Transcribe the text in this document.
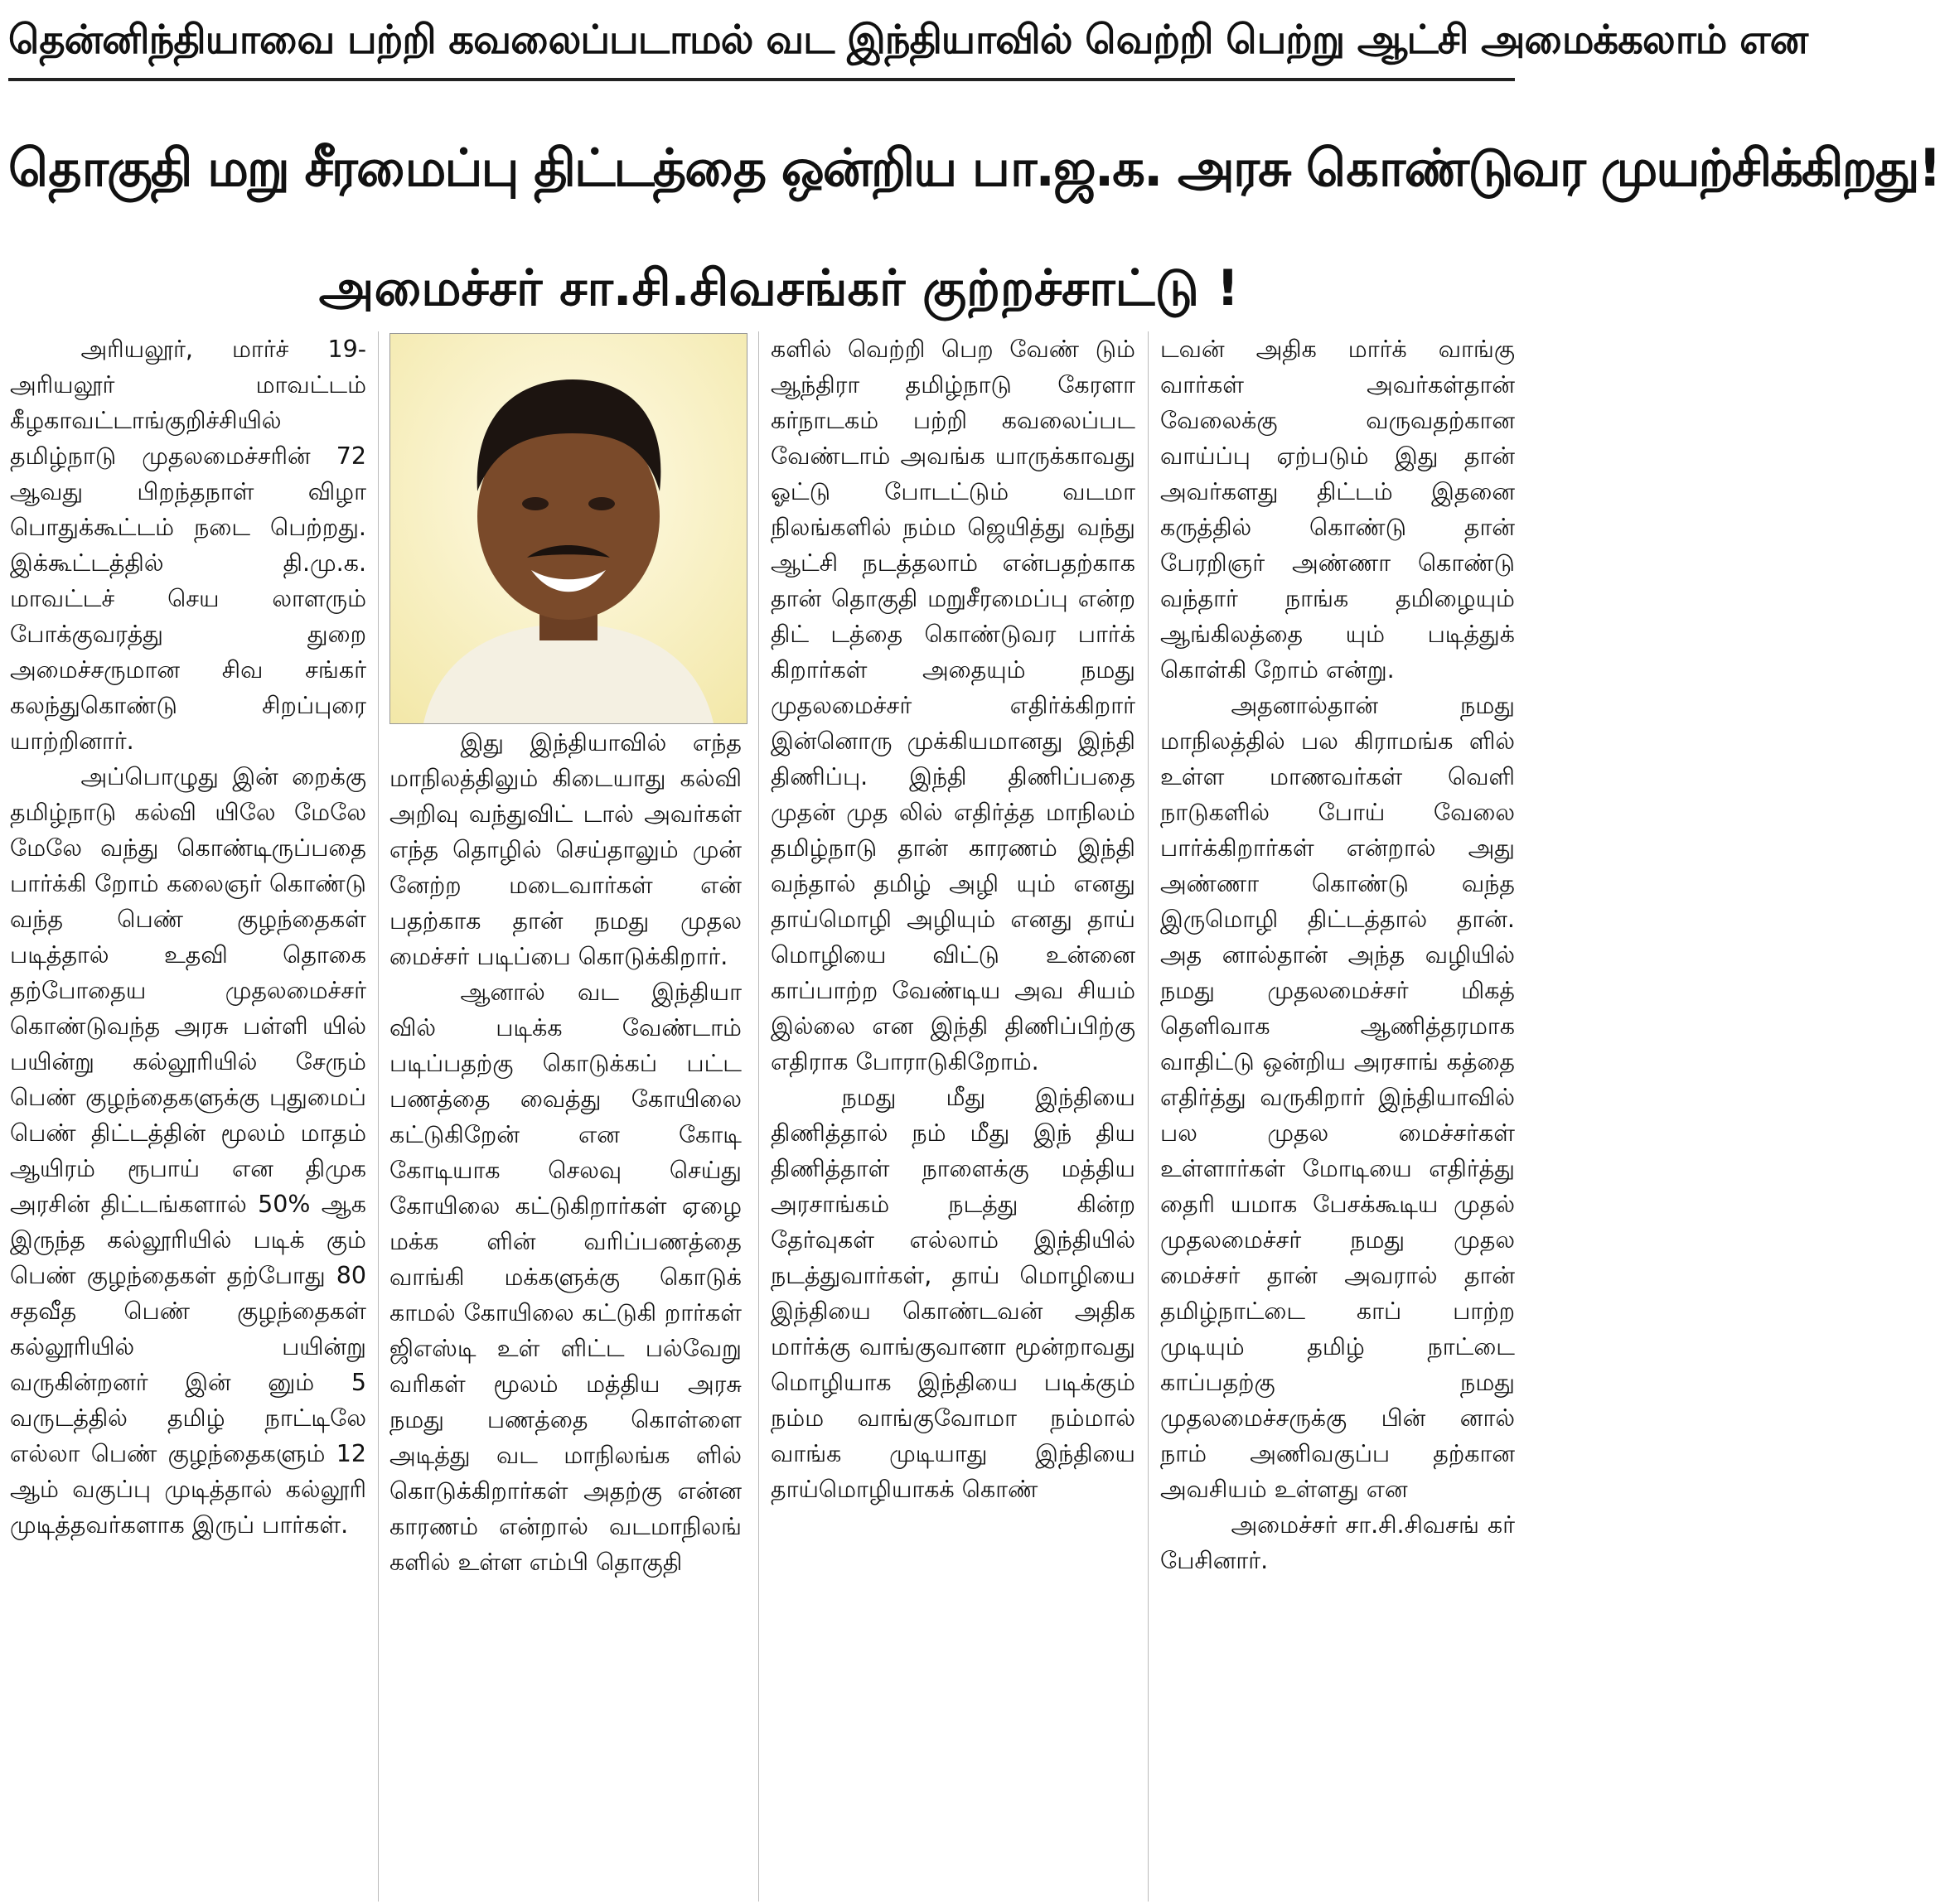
தென்னிந்தியாவை பற்றி கவலைப்படாமல் வட இந்தியாவில் வெற்றி பெற்று ஆட்சி அமைக்கலாம் என
தொகுதி மறு சீரமைப்பு திட்டத்தை ஒன்றிய பா.ஜ.க. அரசு கொண்டுவர முயற்சிக்கிறது!
அமைச்சர் சா.சி.சிவசங்கர் குற்றச்சாட்டு !

அரியலூர், மார்ச் 19- அரியலூர் மாவட்டம் கீழகாவட்டாங்குறிச்சியில் தமிழ்நாடு முதலமைச்சரின் 72 ஆவது பிறந்தநாள் விழா பொதுக்கூட்டம் நடை பெற்றது. இக்கூட்டத்தில் தி.மு.க. மாவட்டச் செய லாளரும் போக்குவரத்து துறை அமைச்சருமான சிவ சங்கர் கலந்துகொண்டு சிறப்புரை யாற்றினார்.

அப்பொழுது இன் றைக்கு தமிழ்நாடு கல்வி யிலே மேலே மேலே வந்து கொண்டிருப்பதை பார்க்கி றோம் கலைஞர் கொண்டு வந்த பெண் குழந்தைகள் படித்தால் உதவி தொகை தற்போதைய முதலமைச்சர் கொண்டுவந்த அரசு பள்ளி யில் பயின்று கல்லூரியில் சேரும் பெண் குழந்தைகளுக்கு புதுமைப் பெண் திட்டத்தின் மூலம் மாதம் ஆயிரம் ரூபாய் என திமுக அரசின் திட்டங்களால் 50% ஆக இருந்த கல்லூரியில் படிக் கும் பெண் குழந்தைகள் தற்போது 80 சதவீத பெண் குழந்தைகள் கல்லூரியில் பயின்று வருகின்றனர் இன் னும் 5 வருடத்தில் தமிழ் நாட்டிலே எல்லா பெண் குழந்தைகளும் 12 ஆம் வகுப்பு முடித்தால் கல்லூரி முடித்தவர்களாக இருப் பார்கள்.

இது இந்தியாவில் எந்த மாநிலத்திலும் கிடையாது கல்வி அறிவு வந்துவிட் டால் அவர்கள் எந்த தொழில் செய்தாலும் முன் னேற்ற மடைவார்கள் என் பதற்காக தான் நமது முதல மைச்சர் படிப்பை கொடுக்கிறார்.

ஆனால் வட இந்தியா வில் படிக்க வேண்டாம் படிப்பதற்கு கொடுக்கப் பட்ட பணத்தை வைத்து கோயிலை கட்டுகிறேன் என கோடி கோடியாக செலவு செய்து கோயிலை கட்டுகிறார்கள் ஏழை மக்க ளின் வரிப்பணத்தை வாங்கி மக்களுக்கு கொடுக் காமல் கோயிலை கட்டுகி றார்கள் ஜிஎஸ்டி உள் ளிட்ட பல்வேறு வரிகள் மூலம் மத்திய அரசு நமது பணத்தை கொள்ளை அடித்து வட மாநிலங்க ளில் கொடுக்கிறார்கள் அதற்கு என்ன காரணம் என்றால் வடமாநிலங் களில் உள்ள எம்பி தொகுதி

களில் வெற்றி பெற வேண் டும் ஆந்திரா தமிழ்நாடு கேரளா கர்நாடகம் பற்றி கவலைப்பட வேண்டாம் அவங்க யாருக்காவது ஓட்டு போடட்டும் வடமா நிலங்களில் நம்ம ஜெயித்து வந்து ஆட்சி நடத்தலாம் என்பதற்காக தான் தொகுதி மறுசீரமைப்பு என்ற திட் டத்தை கொண்டுவர பார்க் கிறார்கள் அதையும் நமது முதலமைச்சர் எதிர்க்கிறார் இன்னொரு முக்கியமானது இந்தி திணிப்பு. இந்தி திணிப்பதை முதன் முத லில் எதிர்த்த மாநிலம் தமிழ்நாடு தான் காரணம் இந்தி வந்தால் தமிழ் அழி யும் எனது தாய்மொழி அழியும் எனது தாய் மொழியை விட்டு உன்னை காப்பாற்ற வேண்டிய அவ சியம் இல்லை என இந்தி திணிப்பிற்கு எதிராக போராடுகிறோம்.

நமது மீது இந்தியை திணித்தால் நம் மீது இந் திய திணித்தாள் நாளைக்கு மத்திய அரசாங்கம் நடத்து கின்ற தேர்வுகள் எல்லாம் இந்தியில் நடத்துவார்கள், தாய் மொழியை இந்தியை கொண்டவன் அதிக மார்க்கு வாங்குவானா மூன்றாவது மொழியாக இந்தியை படிக்கும் நம்ம வாங்குவோமா நம்மால் வாங்க முடியாது இந்தியை தாய்மொழியாகக் கொண்

டவன் அதிக மார்க் வாங்கு வார்கள் அவர்கள்தான் வேலைக்கு வருவதற்கான வாய்ப்பு ஏற்படும் இது தான் அவர்களது திட்டம் இதனை கருத்தில் கொண்டு தான் பேரறிஞர் அண்ணா கொண்டு வந்தார் நாங்க தமிழையும் ஆங்கிலத்தை யும் படித்துக் கொள்கி றோம் என்று.

அதனால்தான் நமது மாநிலத்தில் பல கிராமங்க ளில் உள்ள மாணவர்கள் வெளி நாடுகளில் போய் வேலை பார்க்கிறார்கள் என்றால் அது அண்ணா கொண்டு வந்த இருமொழி திட்டத்தால் தான். அத னால்தான் அந்த வழியில் நமது முதலமைச்சர் மிகத் தெளிவாக ஆணித்தரமாக வாதிட்டு ஒன்றிய அரசாங் கத்தை எதிர்த்து வருகிறார் இந்தியாவில் பல முதல மைச்சர்கள் உள்ளார்கள் மோடியை எதிர்த்து தைரி யமாக பேசக்கூடிய முதல் முதலமைச்சர் நமது முதல மைச்சர் தான் அவரால் தான் தமிழ்நாட்டை காப் பாற்ற முடியும் தமிழ் நாட்டை காப்பதற்கு நமது முதலமைச்சருக்கு பின் னால் நாம் அணிவகுப்ப தற்கான அவசியம் உள்ளது என

அமைச்சர் சா.சி.சிவசங் கர் பேசினார்.
